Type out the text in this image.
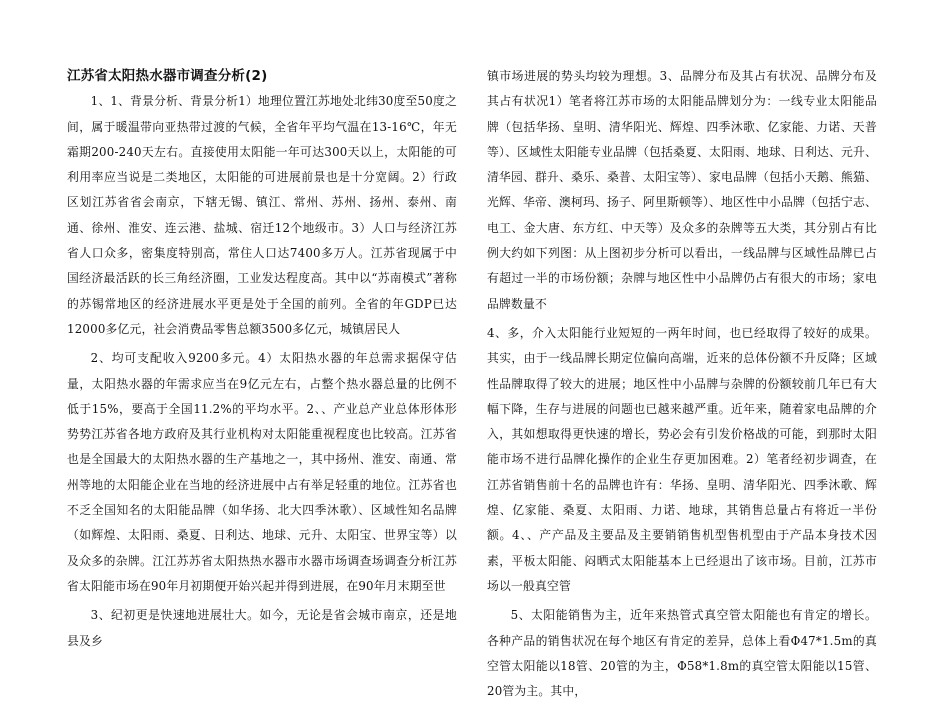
江苏省太阳热水器市调查分析(2)

1、1、背景分析、背景分析1）地理位置江苏地处北纬30度至50度之间，属于暖温带向亚热带过渡的气候，全省年平均气温在13-16℃，年无霜期200-240天左右。直接使用太阳能一年可达300天以上，太阳能的可利用率应当说是二类地区，太阳能的可进展前景也是十分宽阔。2）行政区划江苏省省会南京，下辖无锡、镇江、常州、苏州、扬州、泰州、南通、徐州、淮安、连云港、盐城、宿迁12个地级市。3）人口与经济江苏省人口众多，密集度特别高，常住人口达7400多万人。江苏省现属于中国经济最活跃的长三角经济圈，工业发达程度高。其中以“苏南模式”著称的苏锡常地区的经济进展水平更是处于全国的前列。全省的年GDP已达12000多亿元，社会消费品零售总额3500多亿元，城镇居民人

2、均可支配收入9200多元。4）太阳热水器的年总需求据保守估量，太阳热水器的年需求应当在9亿元左右，占整个热水器总量的比例不低于15%，要高于全国11.2%的平均水平。2、、产业总产业总体形体形势势江苏省各地方政府及其行业机构对太阳能重视程度也比较高。江苏省也是全国最大的太阳热水器的生产基地之一，其中扬州、淮安、南通、常州等地的太阳能企业在当地的经济进展中占有举足轻重的地位。江苏省也不乏全国知名的太阳能品牌（如华扬、北大四季沐歌）、区域性知名品牌（如辉煌、太阳雨、桑夏、日利达、地球、元升、太阳宝、世界宝等）以及众多的杂牌。江江苏苏省太阳热热水器市水器市场调查场调查分析江苏省太阳能市场在90年月初期便开始兴起并得到进展，在90年月末期至世

3、纪初更是快速地进展壮大。如今，无论是省会城市南京，还是地县及乡

镇市场进展的势头均较为理想。3、品牌分布及其占有状况、品牌分布及其占有状况1）笔者将江苏市场的太阳能品牌划分为：一线专业太阳能品牌（包括华扬、皇明、清华阳光、辉煌、四季沐歌、亿家能、力诺、天普等）、区域性太阳能专业品牌（包括桑夏、太阳雨、地球、日利达、元升、清华园、群升、桑乐、桑普、太阳宝等）、家电品牌（包括小天鹅、熊猫、光辉、华帝、澳柯玛、扬子、阿里斯顿等）、地区性中小品牌（包括宁志、电工、金大唐、东方红、中天等）及众多的杂牌等五大类，其分别占有比例大约如下列图：从上图初步分析可以看出，一线品牌与区域性品牌已占有超过一半的市场份额；杂牌与地区性中小品牌仍占有很大的市场；家电品牌数量不

4、多，介入太阳能行业短短的一两年时间，也已经取得了较好的成果。其实，由于一线品牌长期定位偏向高端，近来的总体份额不升反降；区域性品牌取得了较大的进展；地区性中小品牌与杂牌的份额较前几年已有大幅下降，生存与进展的问题也已越来越严重。近年来，随着家电品牌的介入，其如想取得更快速的增长，势必会有引发价格战的可能，到那时太阳能市场不进行品牌化操作的企业生存更加困难。2）笔者经初步调查，在江苏省销售前十名的品牌也许有：华扬、皇明、清华阳光、四季沐歌、辉煌、亿家能、桑夏、太阳雨、力诺、地球，其销售总量占有将近一半份额。4、、产产品及主要品及主要销销售机型售机型由于产品本身技术因素，平板太阳能、闷晒式太阳能基本上已经退出了该市场。目前，江苏市场以一般真空管

5、太阳能销售为主，近年来热管式真空管太阳能也有肯定的增长。各种产品的销售状况在每个地区有肯定的差异，总体上看Φ47*1.5m的真空管太阳能以18管、20管的为主，Φ58*1.8m的真空管太阳能以15管、20管为主。其中，
